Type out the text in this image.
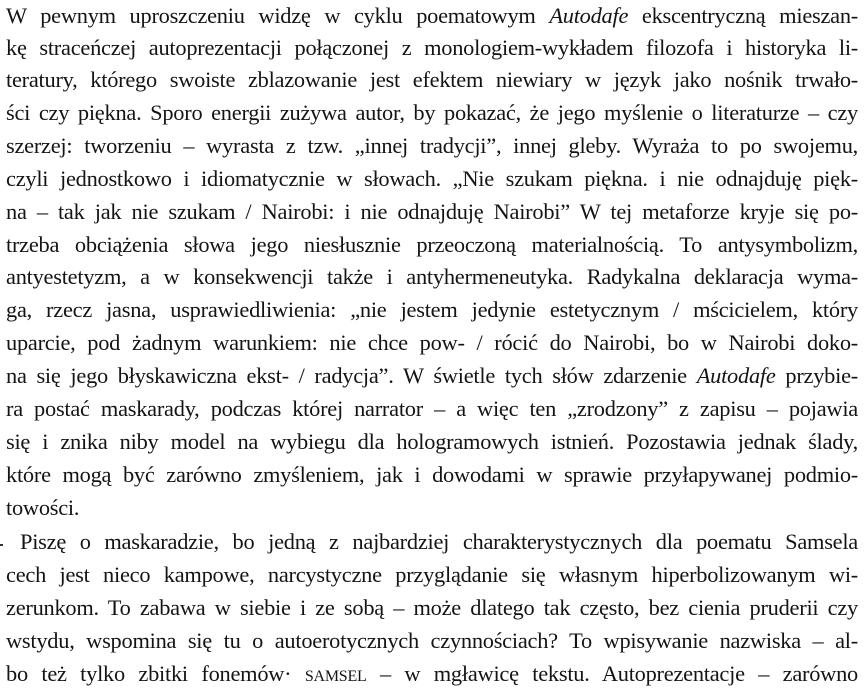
W pewnym uproszczeniu widzę w cyklu poematowym Autodafe ekscentryczną mieszan-
kę straceńczej autoprezentacji połączonej z monologiem-wykładem filozofa i historyka li-
teratury, którego swoiste zblazowanie jest efektem niewiary w język jako nośnik trwało-
ści czy piękna. Sporo energii zużywa autor, by pokazać, że jego myślenie o literaturze – czy
szerzej: tworzeniu – wyrasta z tzw. „innej tradycji”, innej gleby. Wyraża to po swojemu,
czyli jednostkowo i idiomatycznie w słowach. „Nie szukam piękna. i nie odnajduję pięk-
na – tak jak nie szukam / Nairobi: i nie odnajduję Nairobi” W tej metaforze kryje się po-
trzeba obciążenia słowa jego niesłusznie przeoczoną materialnością. To antysymbolizm,
antyestetyzm, a w konsekwencji także i antyhermeneutyka. Radykalna deklaracja wyma-
ga, rzecz jasna, usprawiedliwienia: „nie jestem jedynie estetycznym / mścicielem, który
uparcie, pod żadnym warunkiem: nie chce pow- / rócić do Nairobi, bo w Nairobi doko-
na się jego błyskawiczna ekst- / radycja”. W świetle tych słów zdarzenie Autodafe przybie-
ra postać maskarady, podczas której narrator – a więc ten „zrodzony” z zapisu – pojawia
się i znika niby model na wybiegu dla hologramowych istnień. Pozostawia jednak ślady,
które mogą być zarówno zmyśleniem, jak i dowodami w sprawie przyłapywanej podmio-
towości.
Piszę o maskaradzie, bo jedną z najbardziej charakterystycznych dla poematu Samsela
cech jest nieco kampowe, narcystyczne przyglądanie się własnym hiperbolizowanym wi-
zerunkom. To zabawa w siebie i ze sobą – może dlatego tak często, bez cienia pruderii czy
wstydu, wspomina się tu o autoerotycznych czynnościach? To wpisywanie nazwiska – al-
bo też tylko zbitki fonemów· samsel – w mgławicę tekstu. Autoprezentacje – zarówno
